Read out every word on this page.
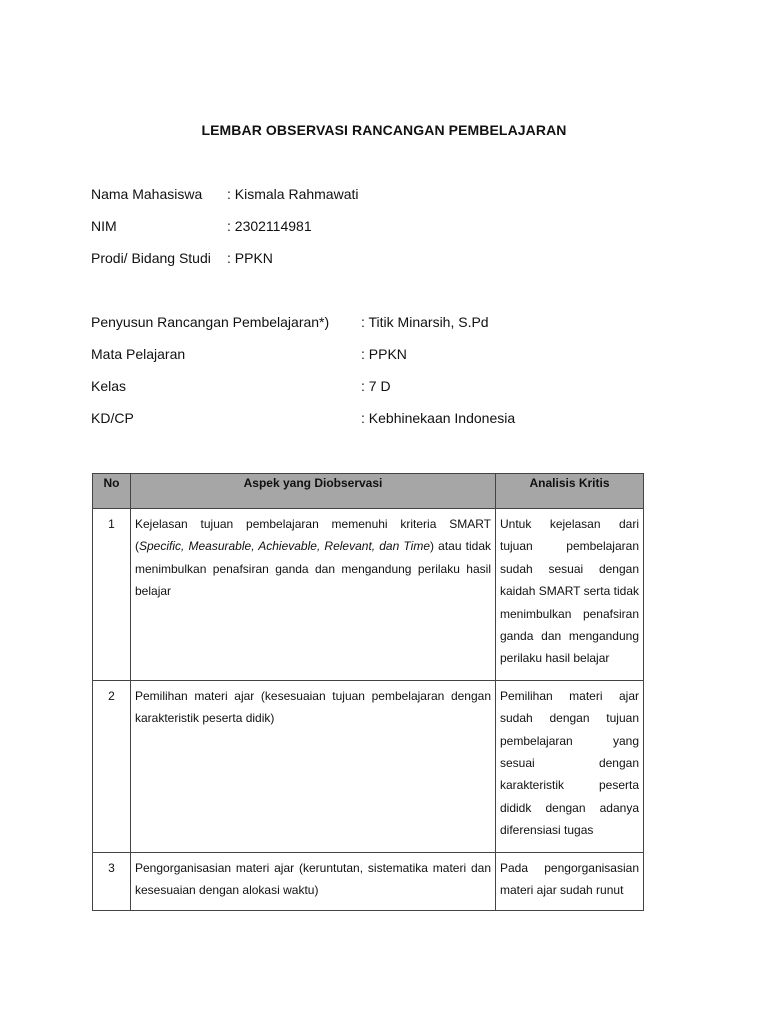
LEMBAR OBSERVASI RANCANGAN PEMBELAJARAN
Nama Mahasiswa : Kismala Rahmawati
NIM	: 2302114981
Prodi/ Bidang Studi : PPKN
Penyusun Rancangan Pembelajaran*) : Titik Minarsih, S.Pd
Mata Pelajaran	: PPKN
Kelas	: 7 D
KD/CP	: Kebhinekaan Indonesia
No	Aspek yang Diobservasi	Analisis Kritis

1	Kejelasan tujuan pembelajaran memenuhi kriteria SMART (Specific, Measurable, Achievable, Relevant, dan Time) atau tidak menimbulkan penafsiran ganda dan mengandung perilaku hasil belajar	Untuk kejelasan dari tujuan pembelajaran sudah sesuai dengan kaidah SMART serta tidak menimbulkan penafsiran ganda dan mengandung perilaku hasil belajar

2	Pemilihan materi ajar (kesesuaian tujuan pembelajaran dengan karakteristik peserta didik)	Pemilihan materi ajar sudah dengan tujuan pembelajaran yang sesuai dengan karakteristik peserta dididk dengan adanya diferensiasi tugas

3	Pengorganisasian materi ajar (keruntutan, sistematika materi dan kesesuaian dengan alokasi waktu)	Pada pengorganisasian materi ajar sudah runut
